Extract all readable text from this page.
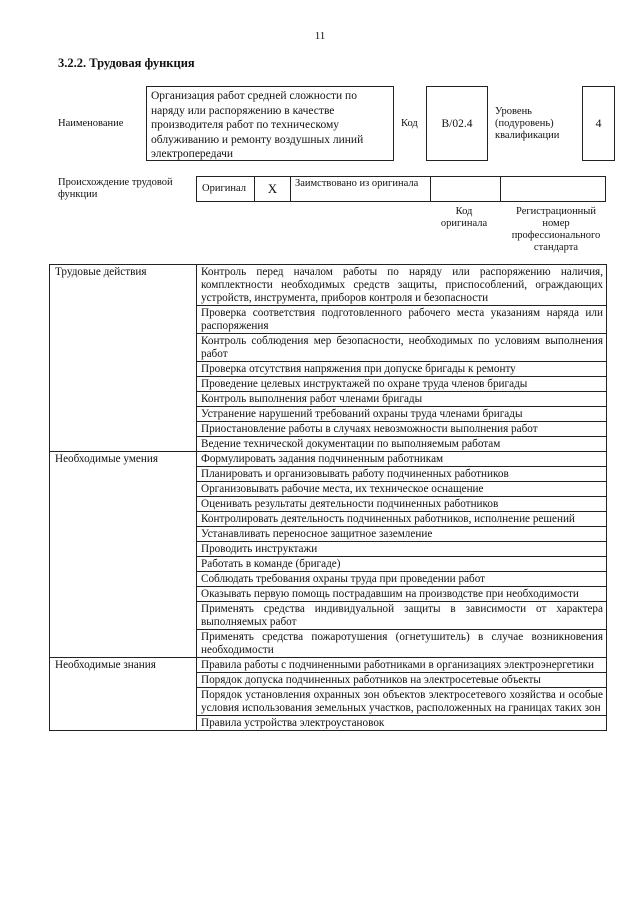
11
3.2.2. Трудовая функция
Наименование
Организация работ средней сложности по наряду или распоряжению в качестве производителя работ по техническому облуживанию и ремонту воздушных линий электропередачи
Код	B/02.4
Уровень (подуровень) квалификации
4
Происхождение трудовой функции
Оригинал	X	Заимствовано из оригинала
Код оригинала
Регистрационный номер профессионального стандарта
Трудовые действия	Контроль перед началом работы по наряду или распоряжению наличия, комплектности необходимых средств защиты, приспособлений, ограждающих устройств, инструмента, приборов контроля и безопасности
	Проверка соответствия подготовленного рабочего места указаниям наряда или распоряжения
	Контроль соблюдения мер безопасности, необходимых по условиям выполнения работ
	Проверка отсутствия напряжения при допуске бригады к ремонту
	Проведение целевых инструктажей по охране труда членов бригады
	Контроль выполнения работ членами бригады
	Устранение нарушений требований охраны труда членами бригады
	Приостановление работы в случаях невозможности выполнения работ
	Ведение технической документации по выполняемым работам
Необходимые умения	Формулировать задания подчиненным работникам
	Планировать и организовывать работу подчиненных работников
	Организовывать рабочие места, их техническое оснащение
	Оценивать результаты деятельности подчиненных работников
	Контролировать деятельность подчиненных работников, исполнение решений
	Устанавливать переносное защитное заземление
	Проводить инструктажи
	Работать в команде (бригаде)
	Соблюдать требования охраны труда при проведении работ
	Оказывать первую помощь пострадавшим на производстве при необходимости
	Применять средства индивидуальной защиты в зависимости от характера выполняемых работ
	Применять средства пожаротушения (огнетушитель) в случае возникновения необходимости
Необходимые знания	Правила работы с подчиненными работниками в организациях электроэнергетики
	Порядок допуска подчиненных работников на электросетевые объекты
	Порядок установления охранных зон объектов электросетевого хозяйства и особые условия использования земельных участков, расположенных на границах таких зон
	Правила устройства электроустановок
